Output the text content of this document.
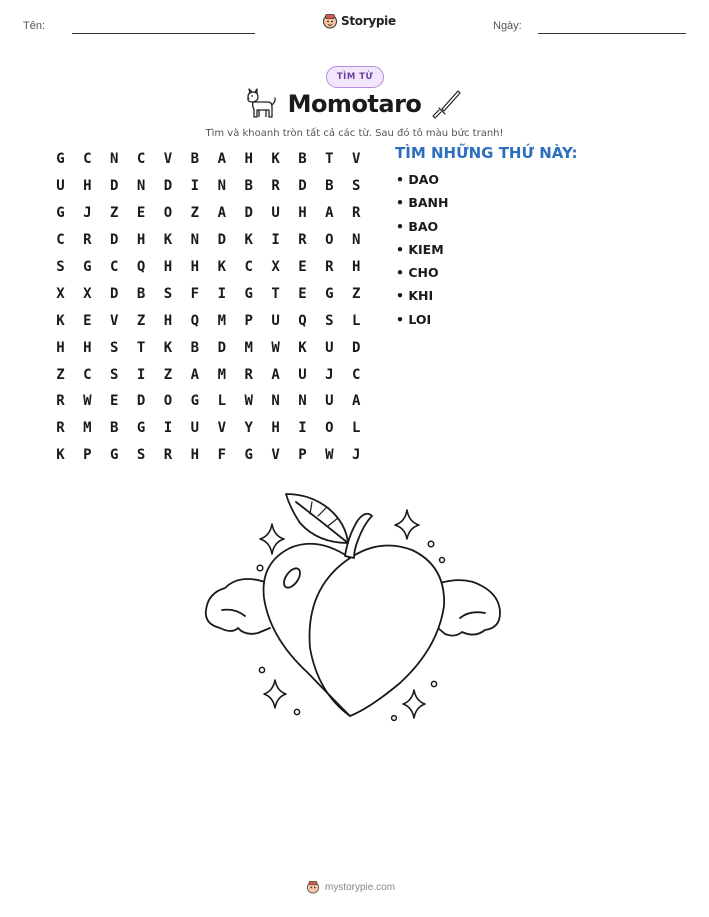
Tên:	Storypie	Ngày:
TÌM TỪ
Momotaro
Tìm và khoanh tròn tất cả các từ. Sau đó tô màu bức tranh!
G	C	N	C	V	B	A	H	K	B	T	V
U	H	D	N	D	I	N	B	R	D	B	S
G	J	Z	E	O	Z	A	D	U	H	A	R
C	R	D	H	K	N	D	K	I	R	O	N
S	G	C	Q	H	H	K	C	X	E	R	H
X	X	D	B	S	F	I	G	T	E	G	Z
K	E	V	Z	H	Q	M	P	U	Q	S	L
H	H	S	T	K	B	D	M	W	K	U	D
Z	C	S	I	Z	A	M	R	A	U	J	C
R	W	E	D	O	G	L	W	N	N	U	A
R	M	B	G	I	U	V	Y	H	I	O	L
K	P	G	S	R	H	F	G	V	P	W	J
TÌM NHỮNG THỨ NÀY:
• DAO
• BANH
• BAO
• KIEM
• CHO
• KHI
• LOI
mystorypie.com
